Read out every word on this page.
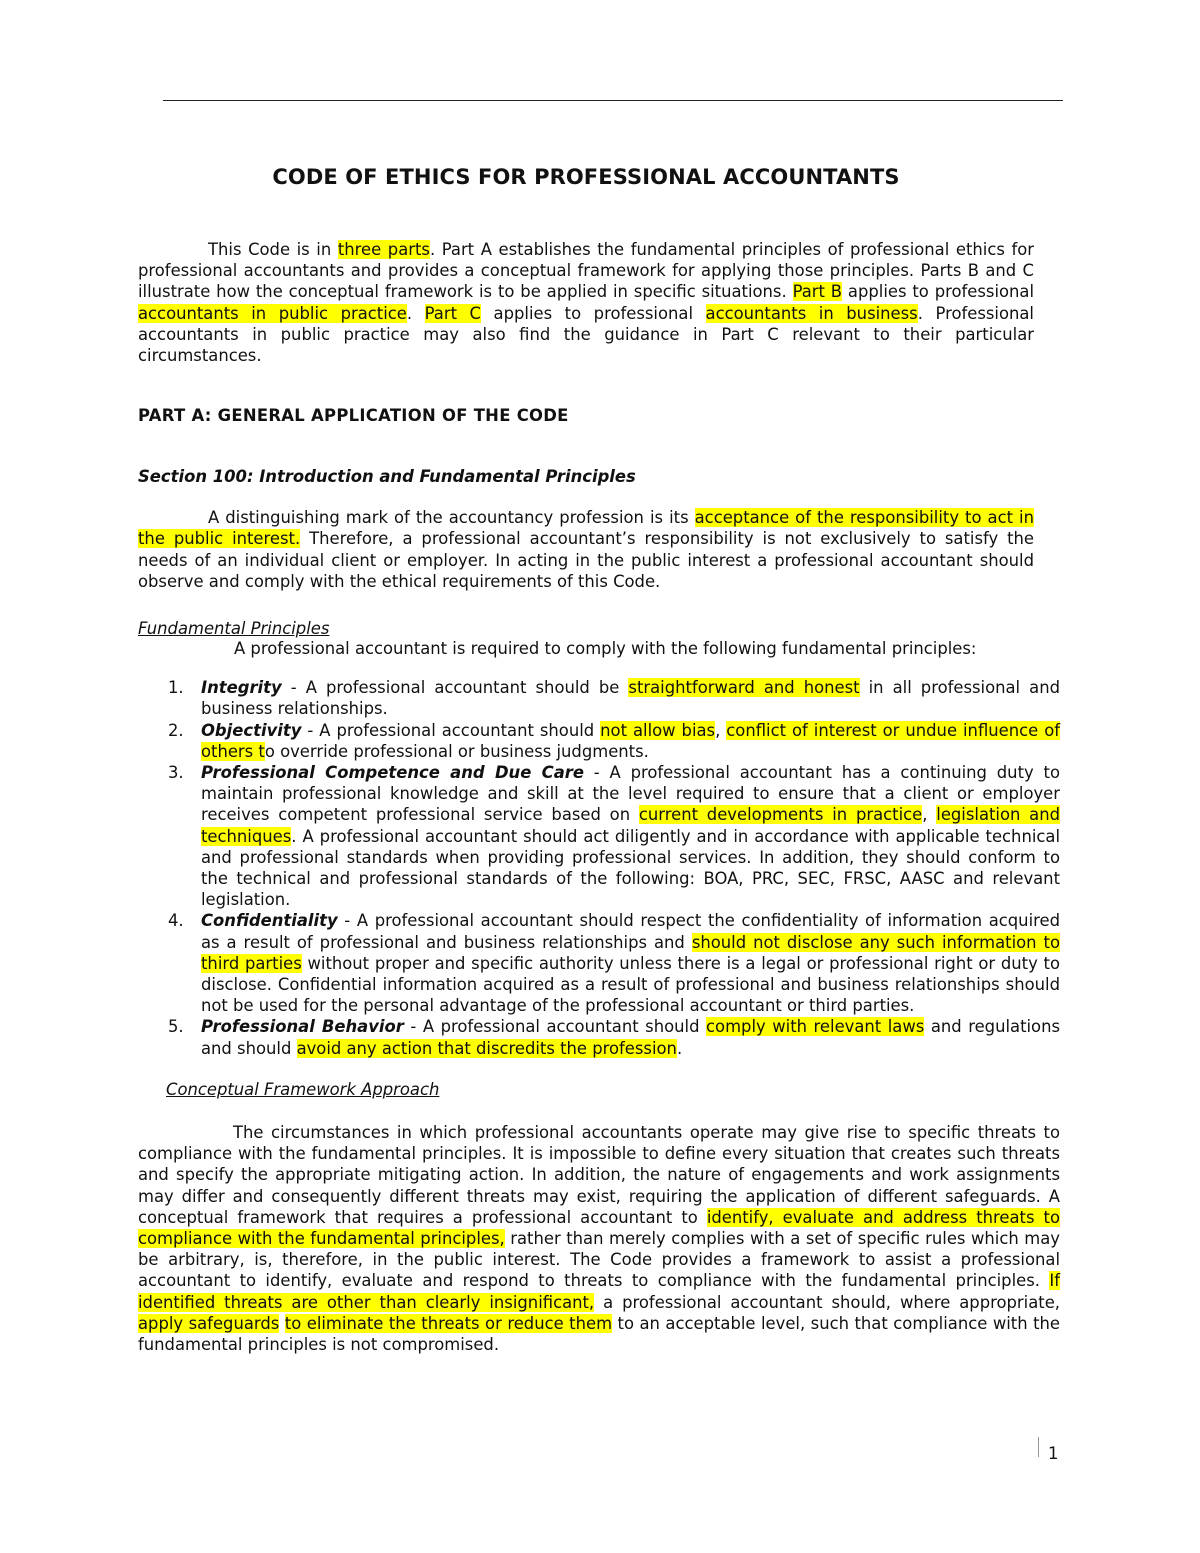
CODE OF ETHICS FOR PROFESSIONAL ACCOUNTANTS

This Code is in three parts. Part A establishes the fundamental principles of professional ethics for professional accountants and provides a conceptual framework for applying those principles. Parts B and C illustrate how the conceptual framework is to be applied in specific situations. Part B applies to professional accountants in public practice. Part C applies to professional accountants in business. Professional accountants in public practice may also find the guidance in Part C relevant to their particular circumstances.

PART A: GENERAL APPLICATION OF THE CODE

Section 100: Introduction and Fundamental Principles

A distinguishing mark of the accountancy profession is its acceptance of the responsibility to act in the public interest. Therefore, a professional accountant’s responsibility is not exclusively to satisfy the needs of an individual client or employer. In acting in the public interest a professional accountant should observe and comply with the ethical requirements of this Code.

Fundamental Principles

A professional accountant is required to comply with the following fundamental principles:

1. Integrity - A professional accountant should be straightforward and honest in all professional and business relationships.
2. Objectivity - A professional accountant should not allow bias, conflict of interest or undue influence of others to override professional or business judgments.
3. Professional Competence and Due Care - A professional accountant has a continuing duty to maintain professional knowledge and skill at the level required to ensure that a client or employer receives competent professional service based on current developments in practice, legislation and techniques. A professional accountant should act diligently and in accordance with applicable technical and professional standards when providing professional services. In addition, they should conform to the technical and professional standards of the following: BOA, PRC, SEC, FRSC, AASC and relevant legislation.
4. Confidentiality - A professional accountant should respect the confidentiality of information acquired as a result of professional and business relationships and should not disclose any such information to third parties without proper and specific authority unless there is a legal or professional right or duty to disclose. Confidential information acquired as a result of professional and business relationships should not be used for the personal advantage of the professional accountant or third parties.
5. Professional Behavior - A professional accountant should comply with relevant laws and regulations and should avoid any action that discredits the profession.

Conceptual Framework Approach

The circumstances in which professional accountants operate may give rise to specific threats to compliance with the fundamental principles. It is impossible to define every situation that creates such threats and specify the appropriate mitigating action. In addition, the nature of engagements and work assignments may differ and consequently different threats may exist, requiring the application of different safeguards. A conceptual framework that requires a professional accountant to identify, evaluate and address threats to compliance with the fundamental principles, rather than merely complies with a set of specific rules which may be arbitrary, is, therefore, in the public interest. The Code provides a framework to assist a professional accountant to identify, evaluate and respond to threats to compliance with the fundamental principles. If identified threats are other than clearly insignificant, a professional accountant should, where appropriate, apply safeguards to eliminate the threats or reduce them to an acceptable level, such that compliance with the fundamental principles is not compromised.

1
